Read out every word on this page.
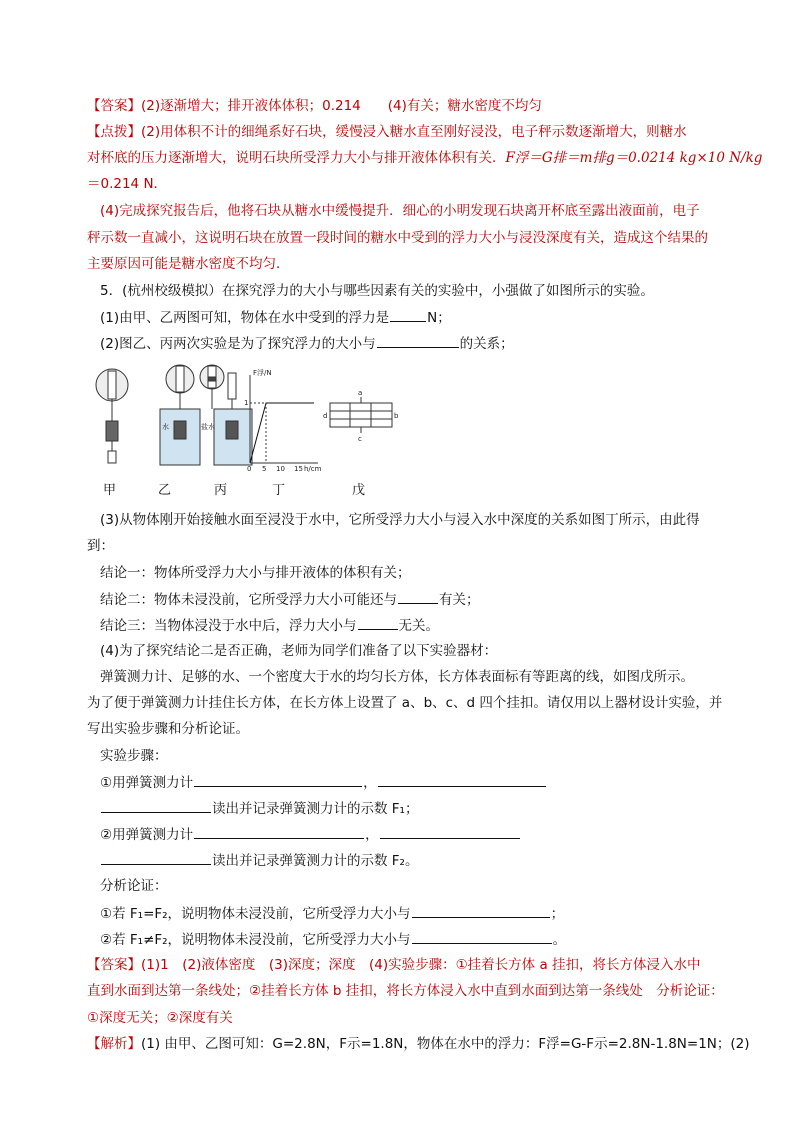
【答案】(2)逐渐增大；排开液体体积；0.214　　(4)有关；糖水密度不均匀
【点拨】(2)用体积不计的细绳系好石块，缓慢浸入糖水直至刚好浸没，电子秤示数逐渐增大，则糖水
对杯底的压力逐渐增大，说明石块所受浮力大小与排开液体体积有关．F浮＝G排＝m排g＝0.0214 kg×10 N/kg
＝0.214 N．
(4)完成探究报告后，他将石块从糖水中缓慢提升．细心的小明发现石块离开杯底至露出液面前，电子
秤示数一直减小，这说明石块在放置一段时间的糖水中受到的浮力大小与浸没深度有关，造成这个结果的
主要原因可能是糖水密度不均匀．
5．(杭州校级模拟）在探究浮力的大小与哪些因素有关的实验中，小强做了如图所示的实验。
(1)由甲、乙两图可知，物体在水中受到的浮力是	N；
(2)图乙、丙两次实验是为了探究浮力的大小与	的关系；
水	盐水
F浮/N
1
0 5 10 15 h/cm
a
b
c
d
甲	乙	丙	丁	戊
(3)从物体刚开始接触水面至浸没于水中，它所受浮力大小与浸入水中深度的关系如图丁所示，由此得
到：
结论一：物体所受浮力大小与排开液体的体积有关；
结论二：物体未浸没前，它所受浮力大小可能还与	有关；
结论三：当物体浸没于水中后，浮力大小与	无关。
(4)为了探究结论二是否正确，老师为同学们准备了以下实验器材：
弹簧测力计、足够的水、一个密度大于水的均匀长方体，长方体表面标有等距离的线，如图戊所示。
为了便于弹簧测力计挂住长方体，在长方体上设置了 a、b、c、d 四个挂扣。请仅用以上器材设计实验，并
写出实验步骤和分析论证。
实验步骤：
①用弹簧测力计	，
读出并记录弹簧测力计的示数 F₁；
②用弹簧测力计	，
读出并记录弹簧测力计的示数 F₂。
分析论证：
①若 F₁=F₂，说明物体未浸没前，它所受浮力大小与	；
②若 F₁≠F₂，说明物体未浸没前，它所受浮力大小与	。
【答案】(1)1　(2)液体密度　(3)深度；深度　(4)实验步骤：①挂着长方体 a 挂扣，将长方体浸入水中
直到水面到达第一条线处；②挂着长方体 b 挂扣，将长方体浸入水中直到水面到达第一条线处　分析论证：
①深度无关；②深度有关
【解析】(1) 由甲、乙图可知：G=2.8N，F示=1.8N，物体在水中的浮力：F浮=G-F示=2.8N-1.8N=1N；(2)
